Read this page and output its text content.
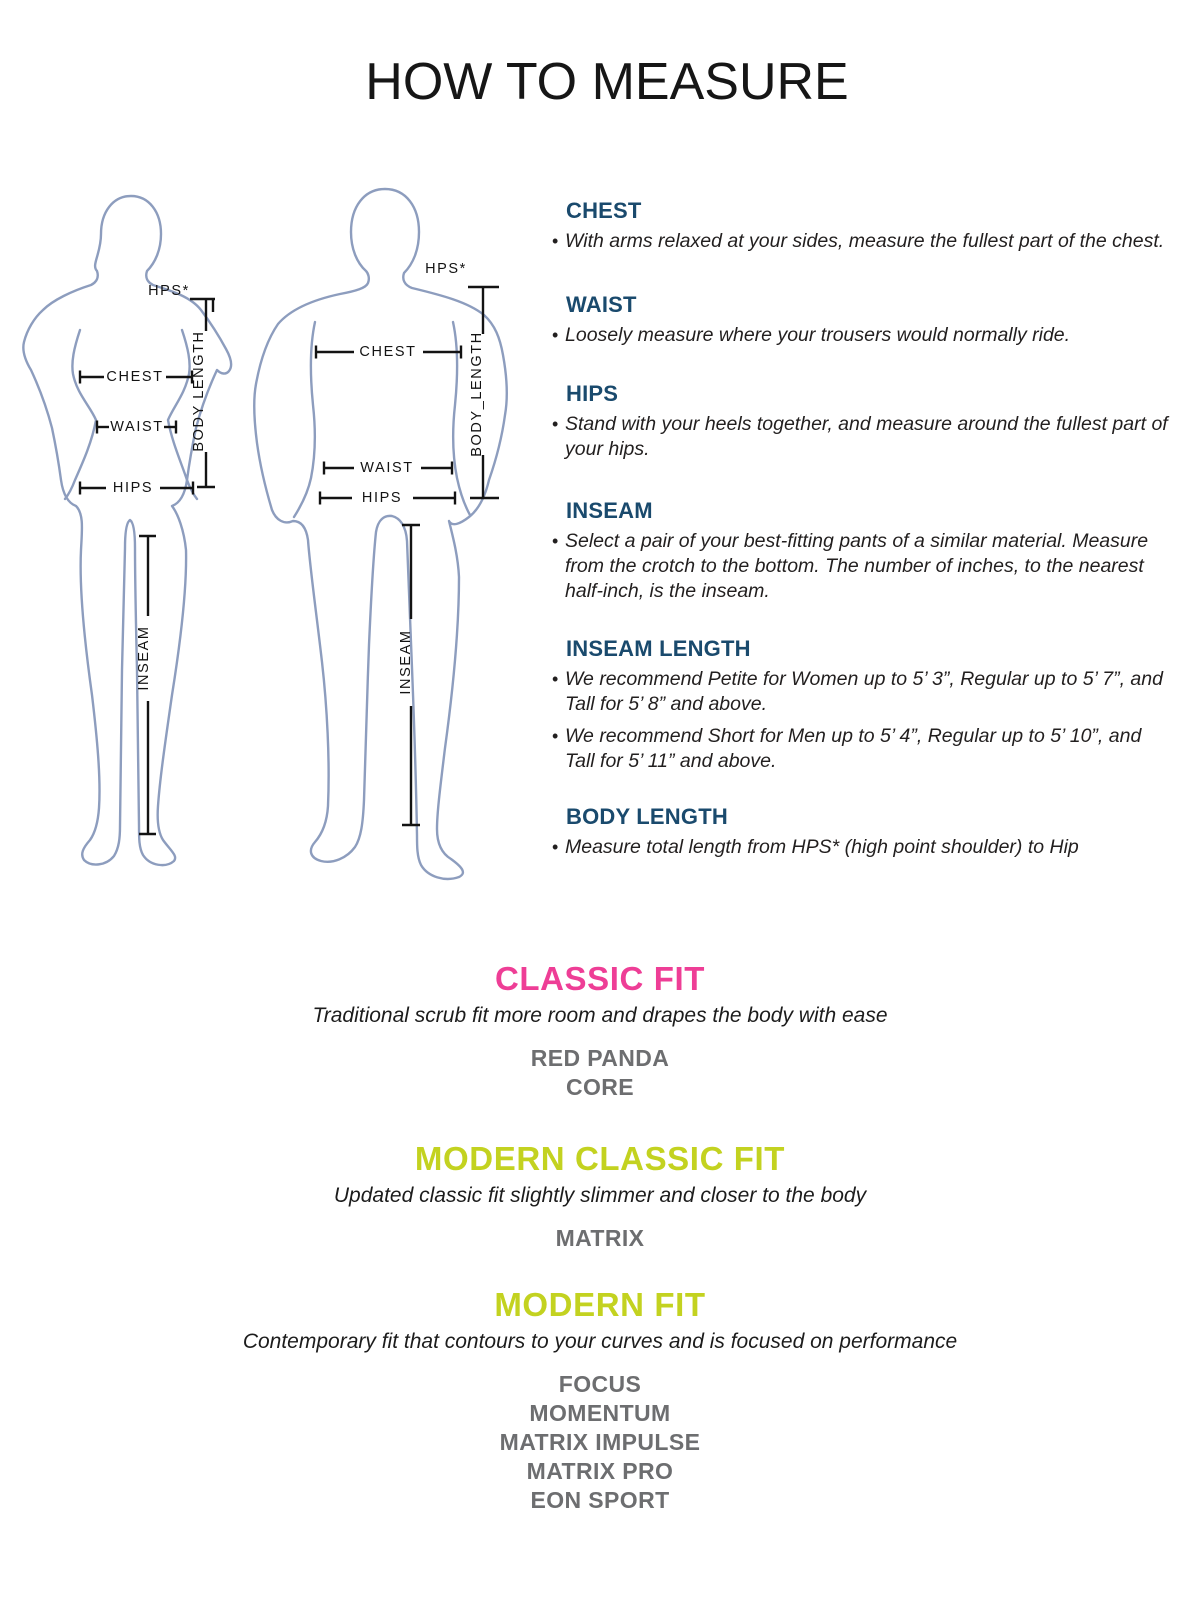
HOW TO MEASURE
HPS*
CHEST
WAIST
HIPS
BODY LENGTH
INSEAM
HPS*
CHEST
WAIST
HIPS
BODY_LENGTH
INSEAM
CHEST
• With arms relaxed at your sides, measure the fullest part of the chest.

WAIST
• Loosely measure where your trousers would normally ride.

HIPS
• Stand with your heels together, and measure around the fullest part of your hips.

INSEAM
• Select a pair of your best-fitting pants of a similar material. Measure from the crotch to the bottom. The number of inches, to the nearest half-inch, is the inseam.

INSEAM LENGTH
• We recommend Petite for Women up to 5’ 3”, Regular up to 5’ 7”, and Tall for 5’ 8” and above.

• We recommend Short for Men up to 5’ 4”, Regular up to 5’ 10”, and Tall for 5’ 11” and above.

BODY LENGTH
• Measure total length from HPS* (high point shoulder) to Hip

CLASSIC FIT

Traditional scrub fit more room and drapes the body with ease

RED PANDA
CORE
MODERN CLASSIC FIT

Updated classic fit slightly slimmer and closer to the body

MATRIX
MODERN FIT

Contemporary fit that contours to your curves and is focused on performance

FOCUS
MOMENTUM
MATRIX IMPULSE
MATRIX PRO
EON SPORT
